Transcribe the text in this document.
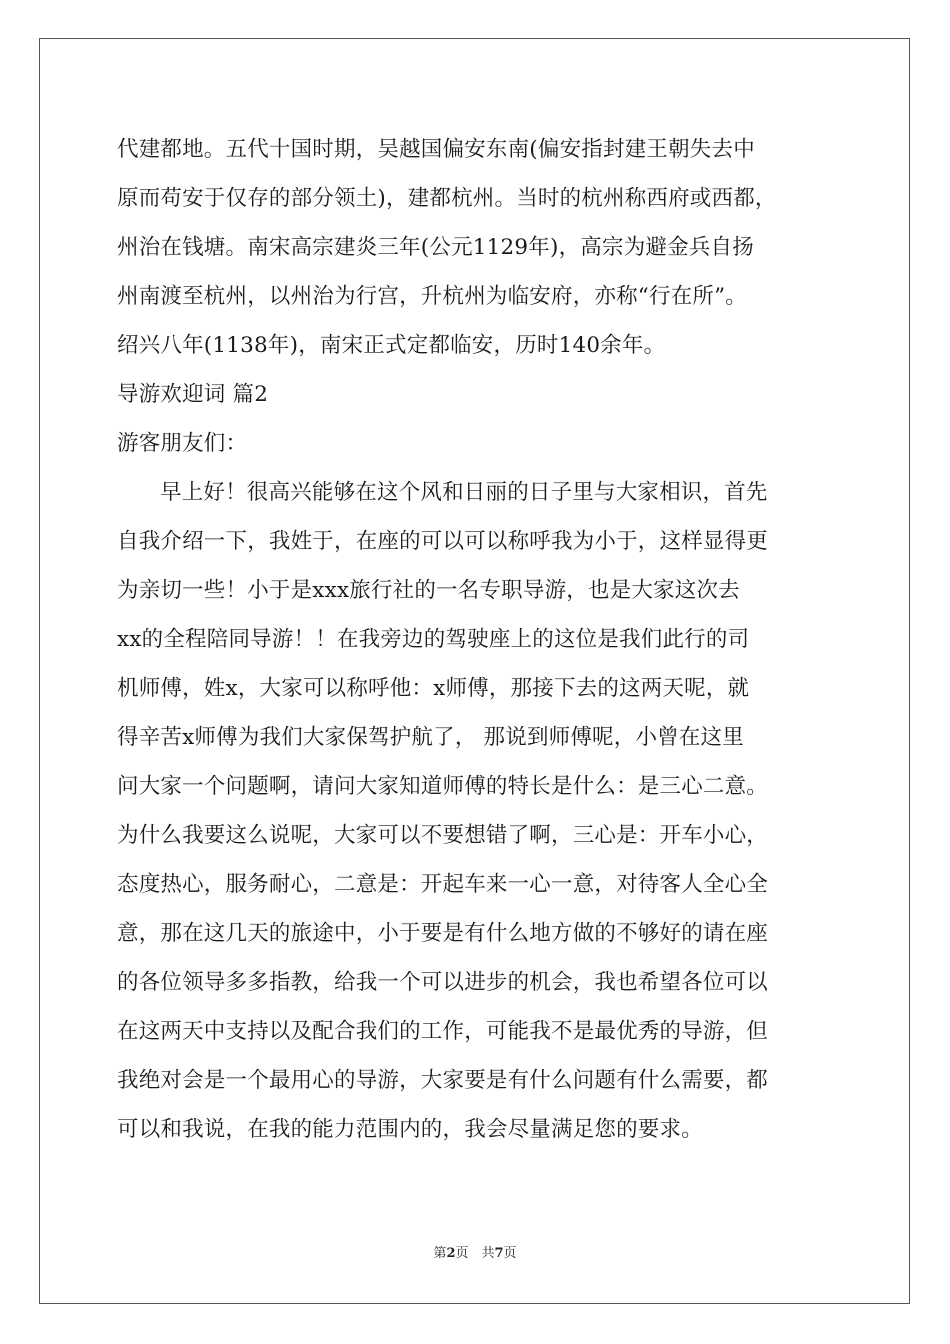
代建都地。五代十国时期，吴越国偏安东南(偏安指封建王朝失去中
原而苟安于仅存的部分领土)，建都杭州。当时的杭州称西府或西都，
州治在钱塘。南宋高宗建炎三年(公元1129年)，高宗为避金兵自扬
州南渡至杭州，以州治为行宫，升杭州为临安府，亦称“行在所”。
绍兴八年(1138年)，南宋正式定都临安，历时140余年。
导游欢迎词 篇2
游客朋友们：
早上好！很高兴能够在这个风和日丽的日子里与大家相识，首先
自我介绍一下，我姓于，在座的可以可以称呼我为小于，这样显得更
为亲切一些！小于是xxx旅行社的一名专职导游，也是大家这次去
xx的全程陪同导游！！在我旁边的驾驶座上的这位是我们此行的司
机师傅，姓x，大家可以称呼他：x师傅，那接下去的这两天呢，就
得辛苦x师傅为我们大家保驾护航了， 那说到师傅呢，小曾在这里
问大家一个问题啊，请问大家知道师傅的特长是什么：是三心二意。
为什么我要这么说呢，大家可以不要想错了啊，三心是：开车小心，
态度热心，服务耐心，二意是：开起车来一心一意，对待客人全心全
意，那在这几天的旅途中，小于要是有什么地方做的不够好的请在座
的各位领导多多指教，给我一个可以进步的机会，我也希望各位可以
在这两天中支持以及配合我们的工作，可能我不是最优秀的导游，但
我绝对会是一个最用心的导游，大家要是有什么问题有什么需要，都
可以和我说，在我的能力范围内的，我会尽量满足您的要求。
第2页　共7页
